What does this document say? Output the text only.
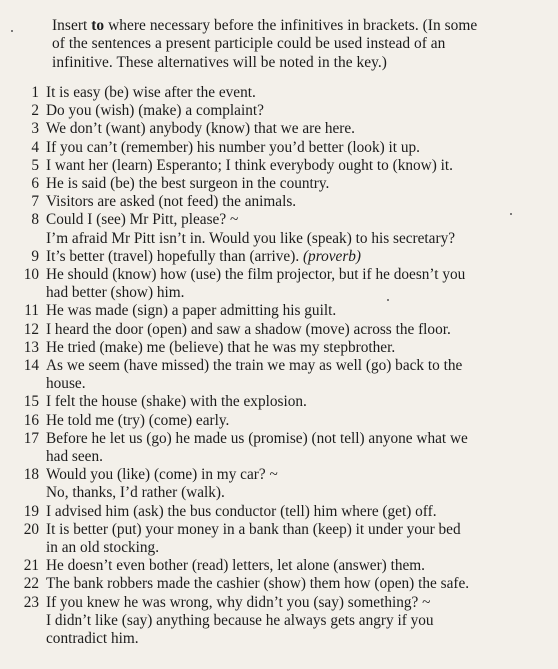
Insert to where necessary before the infinitives in brackets. (In some
of the sentences a present participle could be used instead of an
infinitive. These alternatives will be noted in the key.)
1 It is easy (be) wise after the event.
2 Do you (wish) (make) a complaint?
3 We don’t (want) anybody (know) that we are here.
4 If you can’t (remember) his number you’d better (look) it up.
5 I want her (learn) Esperanto; I think everybody ought to (know) it.
6 He is said (be) the best surgeon in the country.
7 Visitors are asked (not feed) the animals.
8 Could I (see) Mr Pitt, please? ~
I’m afraid Mr Pitt isn’t in. Would you like (speak) to his secretary?
9 It’s better (travel) hopefully than (arrive). (proverb)
10 He should (know) how (use) the film projector, but if he doesn’t you
had better (show) him.
11 He was made (sign) a paper admitting his guilt.
12 I heard the door (open) and saw a shadow (move) across the floor.
13 He tried (make) me (believe) that he was my stepbrother.
14 As we seem (have missed) the train we may as well (go) back to the
house.
15 I felt the house (shake) with the explosion.
16 He told me (try) (come) early.
17 Before he let us (go) he made us (promise) (not tell) anyone what we
had seen.
18 Would you (like) (come) in my car? ~
No, thanks, I’d rather (walk).
19 I advised him (ask) the bus conductor (tell) him where (get) off.
20 It is better (put) your money in a bank than (keep) it under your bed
in an old stocking.
21 He doesn’t even bother (read) letters, let alone (answer) them.
22 The bank robbers made the cashier (show) them how (open) the safe.
23 If you knew he was wrong, why didn’t you (say) something? ~
I didn’t like (say) anything because he always gets angry if you
contradict him.
